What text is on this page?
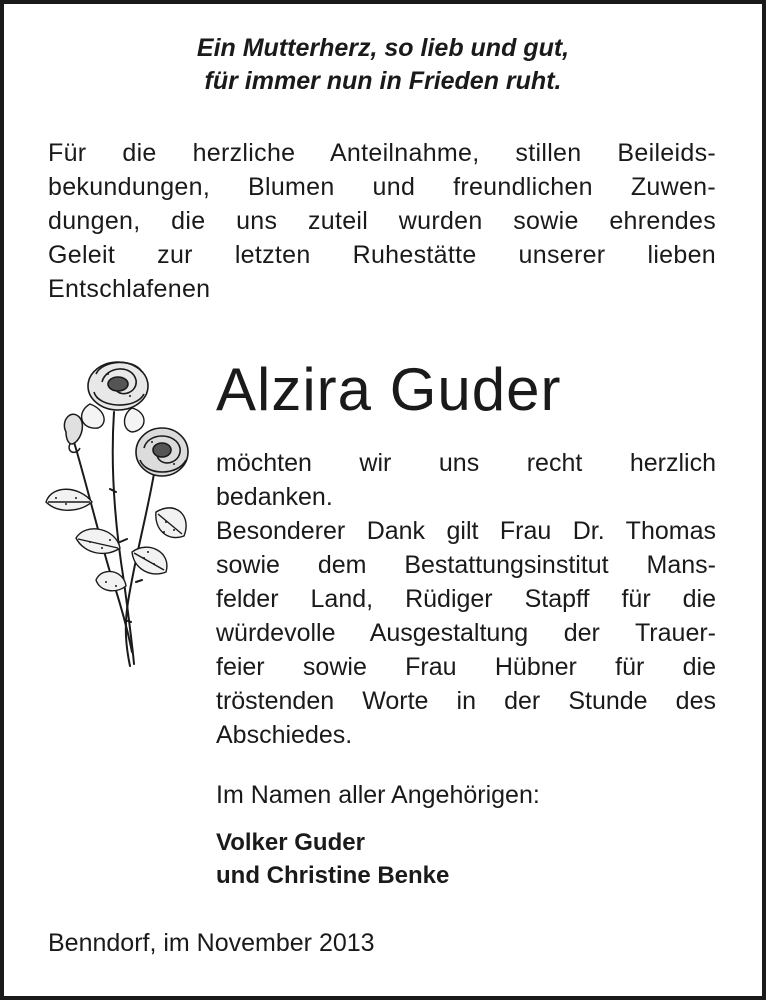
Ein Mutterherz, so lieb und gut,
für immer nun in Frieden ruht.
Für die herzliche Anteilnahme, stillen Beileids-
bekundungen, Blumen und freundlichen Zuwen-
dungen, die uns zuteil wurden sowie ehrendes
Geleit zur letzten Ruhestätte unserer lieben
Entschlafenen
Alzira Guder
möchten wir uns recht herzlich
bedanken.
Besonderer Dank gilt Frau Dr. Thomas
sowie dem Bestattungsinstitut Mans-
felder Land, Rüdiger Stapff für die
würdevolle Ausgestaltung der Trauer-
feier sowie Frau Hübner für die
tröstenden Worte in der Stunde des
Abschiedes.
Im Namen aller Angehörigen:
Volker Guder
und Christine Benke
Benndorf, im November 2013
